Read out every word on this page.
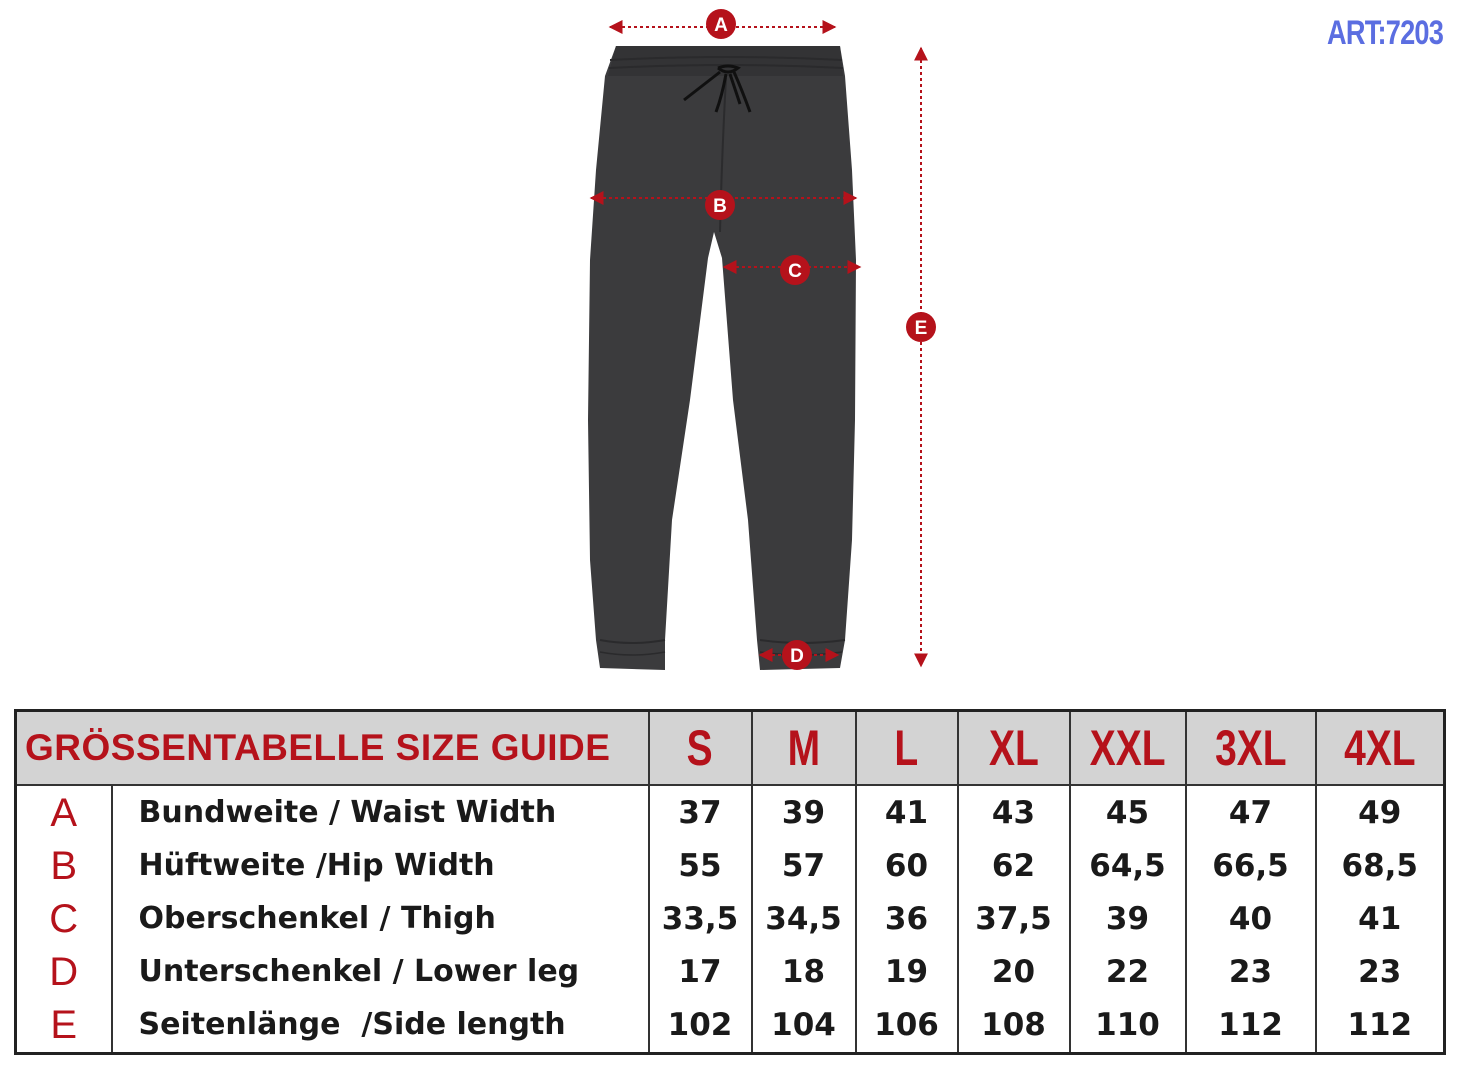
ART:7203
A
B
C
D
E
GRÖSSENTABELLE SIZE GUIDE		S	M	L	XL	XXL	3XL	4XL
A	Bundweite / Waist Width	37	39	41	43	45	47	49
B	Hüftweite /Hip Width	55	57	60	62	64,5	66,5	68,5
C	Oberschenkel / Thigh	33,5	34,5	36	37,5	39	40	41
D	Unterschenkel / Lower leg	17	18	19	20	22	23	23
E	Seitenlänge  /Side length	102	104	106	108	110	112	112
